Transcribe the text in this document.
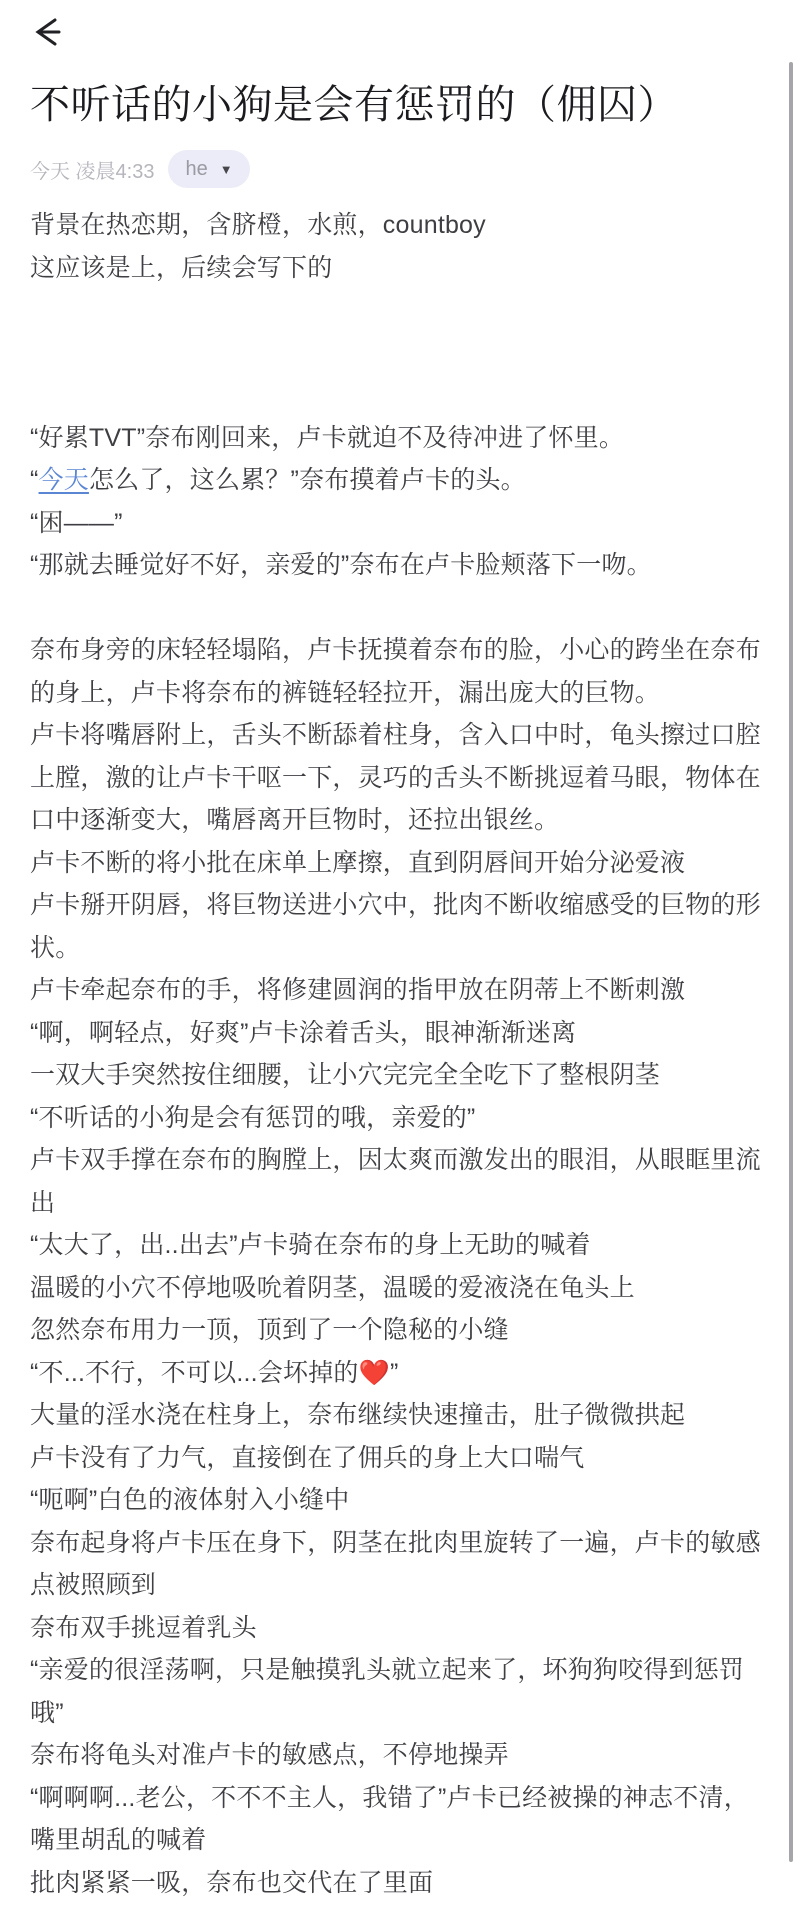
不听话的小狗是会有惩罚的（佣囚）
今天 凌晨4:33 he ▼

背景在热恋期，含脐橙，水煎，countboy

这应该是上，后续会写下的

“好累TVT”奈布刚回来，卢卡就迫不及待冲进了怀里。

“今天怎么了，这么累？”奈布摸着卢卡的头。

“困——”

“那就去睡觉好不好，亲爱的”奈布在卢卡脸颊落下一吻。

奈布身旁的床轻轻塌陷，卢卡抚摸着奈布的脸，小心的跨坐在奈布的身上，卢卡将奈布的裤链轻轻拉开，漏出庞大的巨物。

卢卡将嘴唇附上，舌头不断舔着柱身，含入口中时，龟头擦过口腔上膛，激的让卢卡干呕一下，灵巧的舌头不断挑逗着马眼，物体在口中逐渐变大，嘴唇离开巨物时，还拉出银丝。

卢卡不断的将小批在床单上摩擦，直到阴唇间开始分泌爱液

卢卡掰开阴唇，将巨物送进小穴中，批肉不断收缩感受的巨物的形状。

卢卡牵起奈布的手，将修建圆润的指甲放在阴蒂上不断刺激

“啊，啊轻点，好爽”卢卡涂着舌头，眼神渐渐迷离

一双大手突然按住细腰，让小穴完完全全吃下了整根阴茎

“不听话的小狗是会有惩罚的哦，亲爱的”

卢卡双手撑在奈布的胸膛上，因太爽而激发出的眼泪，从眼眶里流出

“太大了，出..出去”卢卡骑在奈布的身上无助的喊着

温暖的小穴不停地吸吮着阴茎，温暖的爱液浇在龟头上

忽然奈布用力一顶，顶到了一个隐秘的小缝

“不...不行，不可以...会坏掉的❤️”

大量的淫水浇在柱身上，奈布继续快速撞击，肚子微微拱起

卢卡没有了力气，直接倒在了佣兵的身上大口喘气

“呃啊”白色的液体射入小缝中

奈布起身将卢卡压在身下，阴茎在批肉里旋转了一遍，卢卡的敏感点被照顾到

奈布双手挑逗着乳头

“亲爱的很淫荡啊，只是触摸乳头就立起来了，坏狗狗咬得到惩罚哦”

奈布将龟头对准卢卡的敏感点，不停地操弄

“啊啊啊...老公，不不不主人，我错了”卢卡已经被操的神志不清，嘴里胡乱的喊着

批肉紧紧一吸，奈布也交代在了里面
